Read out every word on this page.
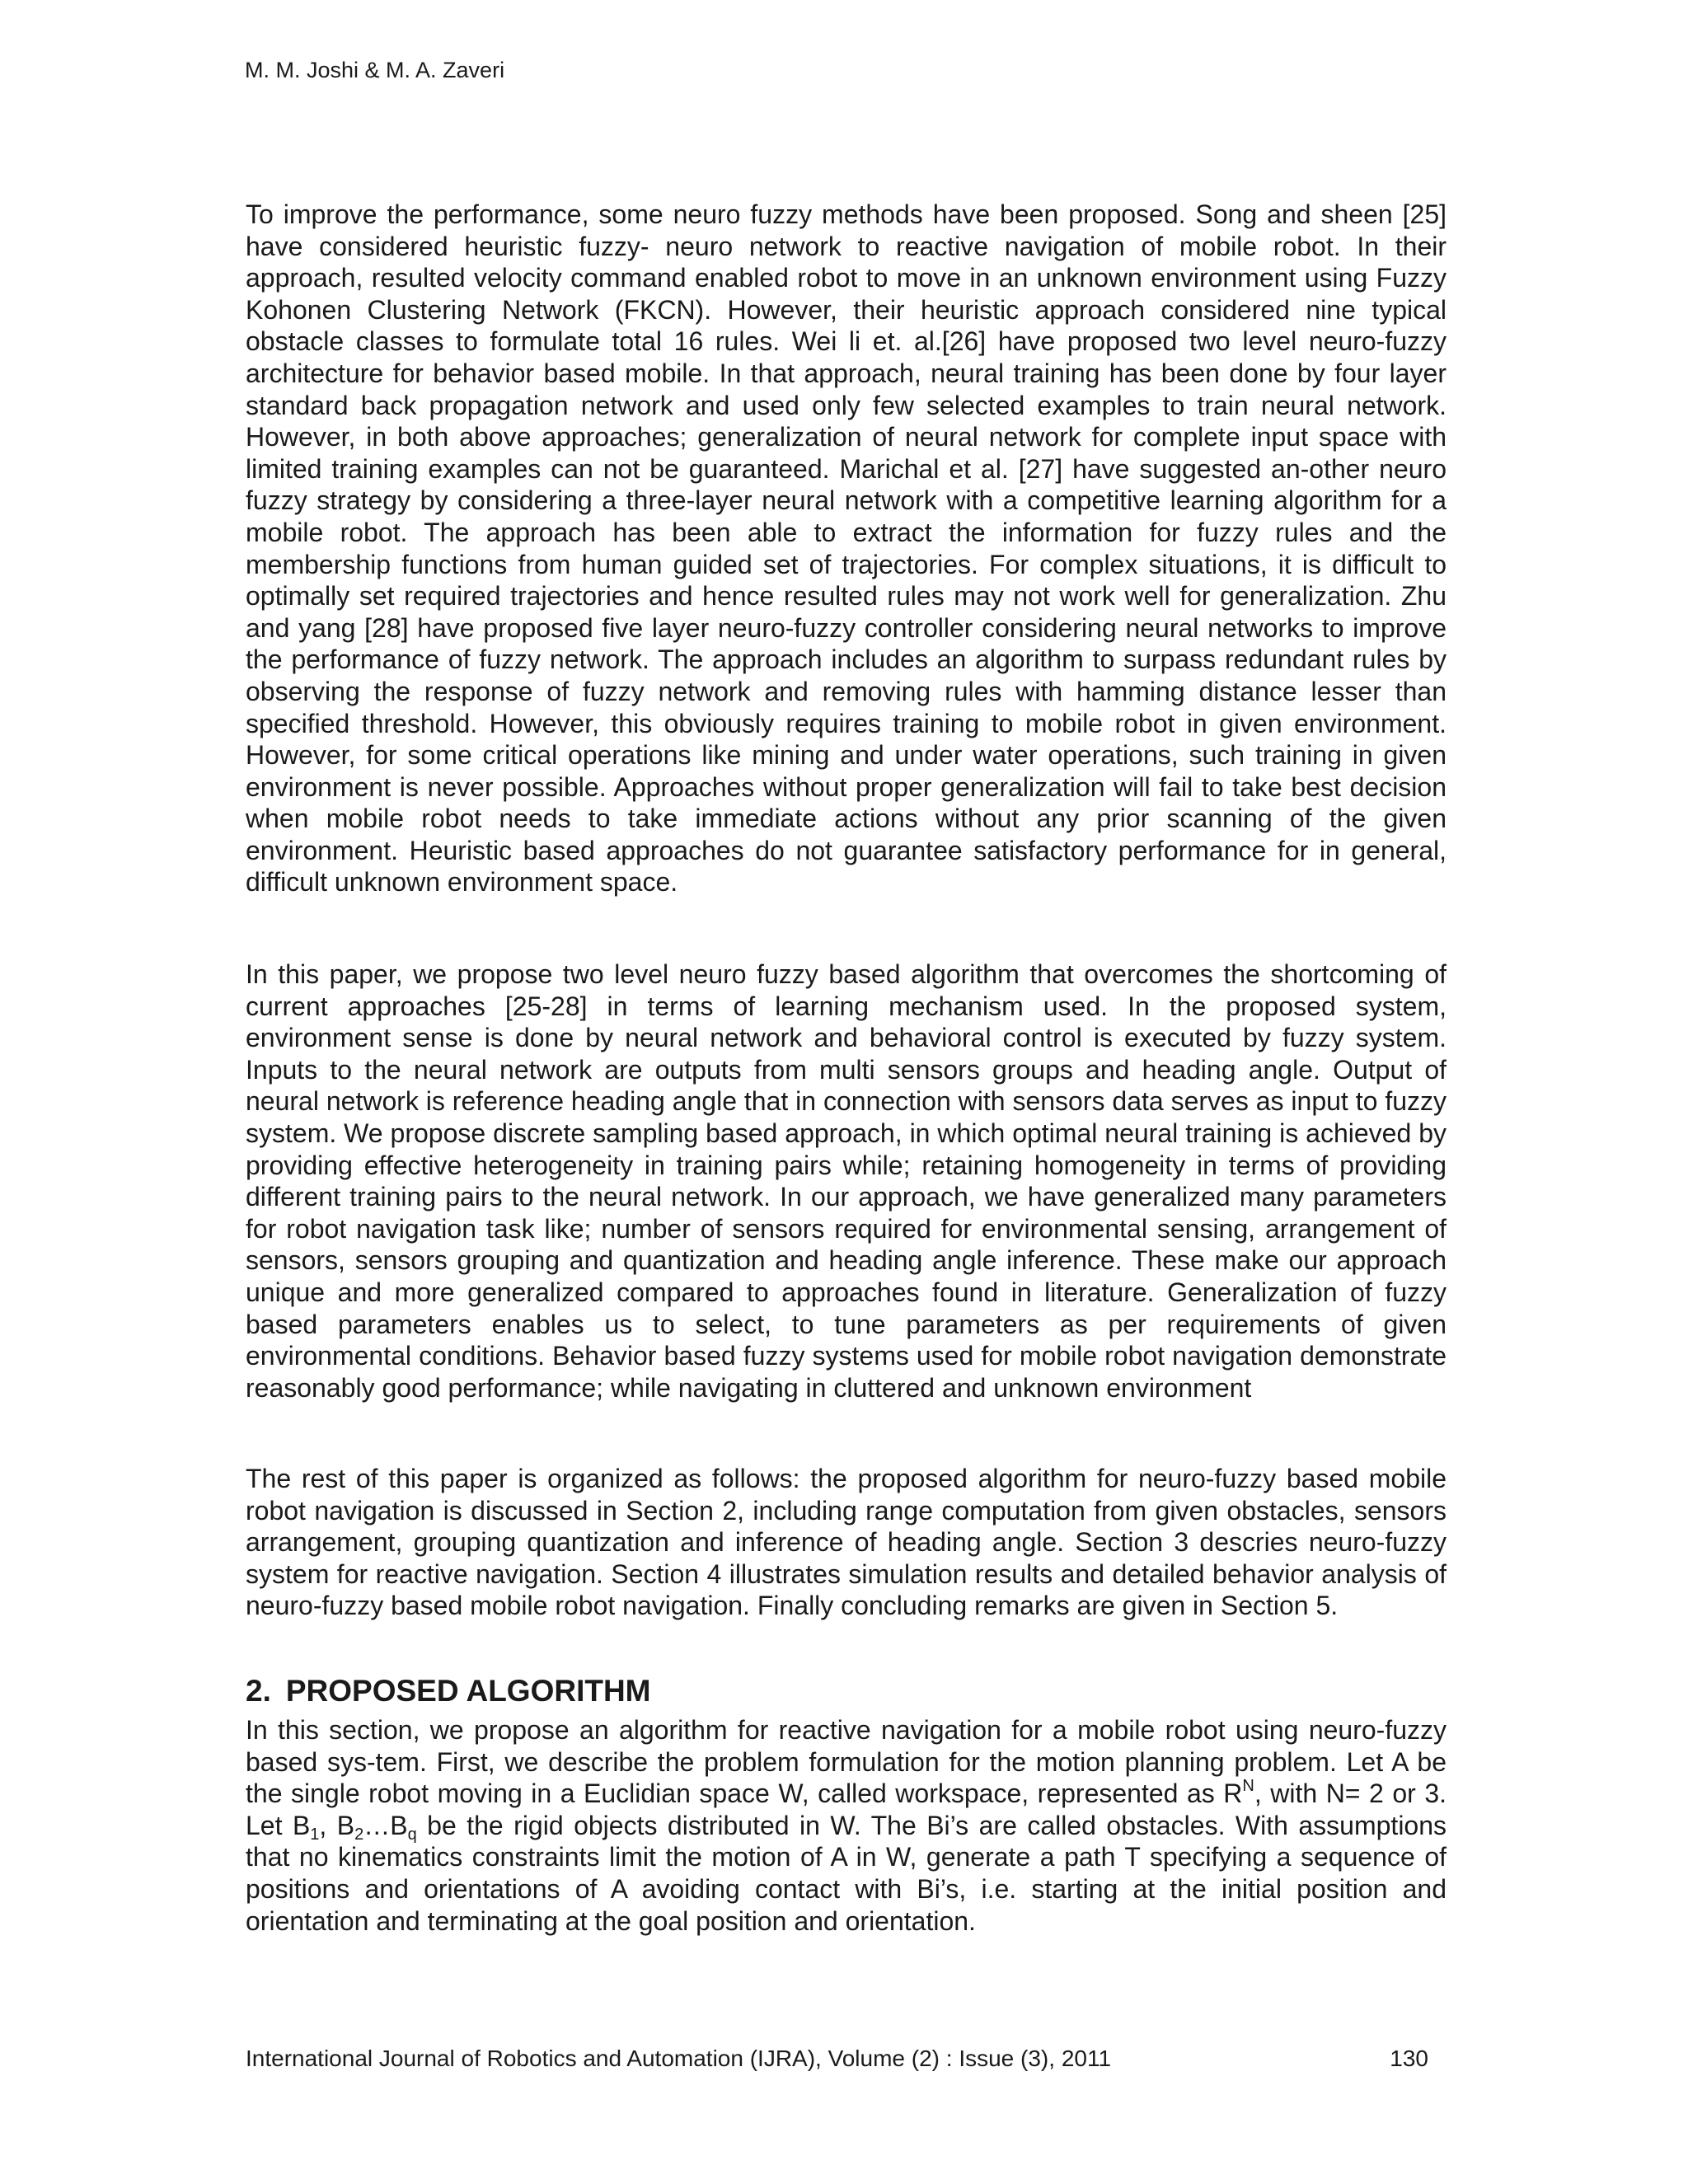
M. M. Joshi & M. A. Zaveri
To improve the performance, some neuro fuzzy methods have been proposed. Song and sheen [25] have considered heuristic fuzzy- neuro network to reactive navigation of mobile robot. In their approach, resulted velocity command enabled robot to move in an unknown environment using Fuzzy Kohonen Clustering Network (FKCN). However, their heuristic approach considered nine typical obstacle classes to formulate total 16 rules. Wei li et. al.[26] have proposed two level neuro-fuzzy architecture for behavior based mobile. In that approach, neural training has been done by four layer standard back propagation network and used only few selected examples to train neural network. However, in both above approaches; generalization of neural network for complete input space with limited training examples can not be guaranteed. Marichal et al. [27] have suggested an-other neuro fuzzy strategy by considering a three-layer neural network with a competitive learning algorithm for a mobile robot. The approach has been able to extract the information for fuzzy rules and the membership functions from human guided set of trajectories. For complex situations, it is difficult to optimally set required trajectories and hence resulted rules may not work well for generalization. Zhu and yang [28] have proposed five layer neuro-fuzzy controller considering neural networks to improve the performance of fuzzy network. The approach includes an algorithm to surpass redundant rules by observing the response of fuzzy network and removing rules with hamming distance lesser than specified threshold. However, this obviously requires training to mobile robot in given environment. However, for some critical operations like mining and under water operations, such training in given environment is never possible. Approaches without proper generalization will fail to take best decision when mobile robot needs to take immediate actions without any prior scanning of the given environment. Heuristic based approaches do not guarantee satisfactory performance for in general, difficult unknown environment space.
In this paper, we propose two level neuro fuzzy based algorithm that overcomes the shortcoming of current approaches [25-28] in terms of learning mechanism used. In the proposed system, environment sense is done by neural network and behavioral control is executed by fuzzy system. Inputs to the neural network are outputs from multi sensors groups and heading angle. Output of neural network is reference heading angle that in connection with sensors data serves as input to fuzzy system. We propose discrete sampling based approach, in which optimal neural training is achieved by providing effective heterogeneity in training pairs while; retaining homogeneity in terms of providing different training pairs to the neural network. In our approach, we have generalized many parameters for robot navigation task like; number of sensors required for environmental sensing, arrangement of sensors, sensors grouping and quantization and heading angle inference. These make our approach unique and more generalized compared to approaches found in literature. Generalization of fuzzy based parameters enables us to select, to tune parameters as per requirements of given environmental conditions. Behavior based fuzzy systems used for mobile robot navigation demonstrate reasonably good performance; while navigating in cluttered and unknown environment
The rest of this paper is organized as follows: the proposed algorithm for neuro-fuzzy based mobile robot navigation is discussed in Section 2, including range computation from given obstacles, sensors arrangement, grouping quantization and inference of heading angle. Section 3 descries neuro-fuzzy system for reactive navigation. Section 4 illustrates simulation results and detailed behavior analysis of neuro-fuzzy based mobile robot navigation. Finally concluding remarks are given in Section 5.
2. PROPOSED ALGORITHM
In this section, we propose an algorithm for reactive navigation for a mobile robot using neuro-fuzzy based sys-tem. First, we describe the problem formulation for the motion planning problem. Let A be the single robot moving in a Euclidian space W, called workspace, represented as $R^N$, with N= 2 or 3. Let $B_1$, $B_2\dots B_q$ be the rigid objects distributed in W. The Bi’s are called obstacles. With assumptions that no kinematics constraints limit the motion of A in W, generate a path T specifying a sequence of positions and orientations of A avoiding contact with Bi’s, i.e. starting at the initial position and orientation and terminating at the goal position and orientation.
International Journal of Robotics and Automation (IJRA), Volume (2) : Issue (3), 2011	130
